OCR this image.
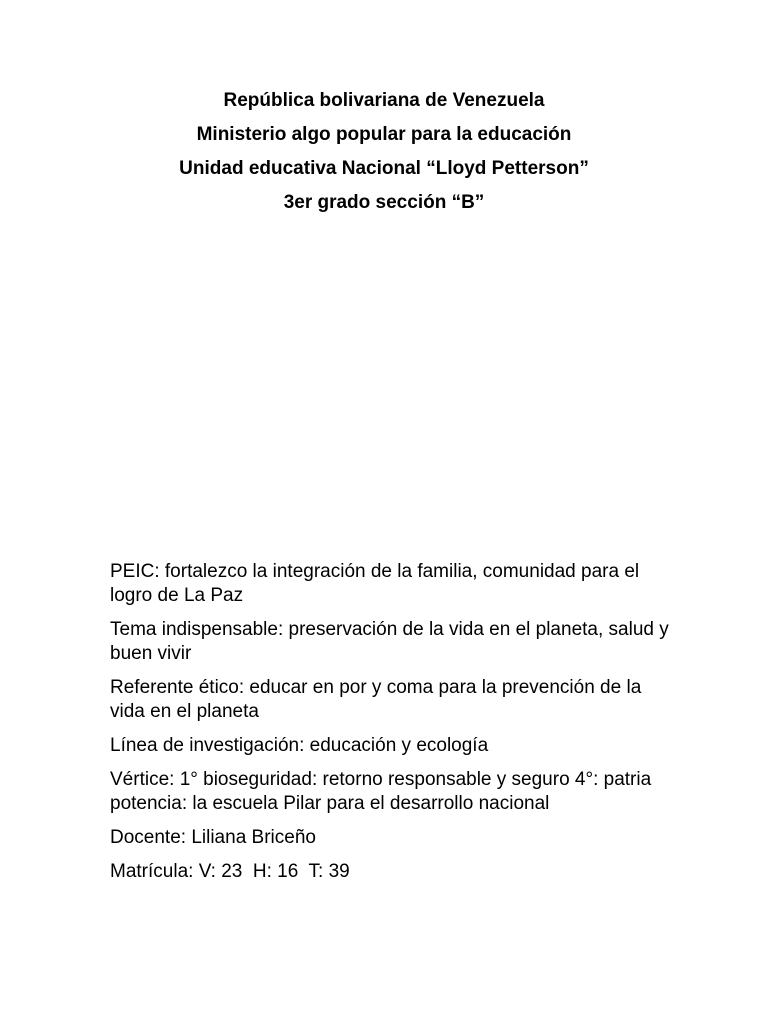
República bolivariana de Venezuela
Ministerio algo popular para la educación
Unidad educativa Nacional “Lloyd Petterson”
3er grado sección “B”
PEIC: fortalezco la integración de la familia, comunidad para el logro de La Paz
Tema indispensable: preservación de la vida en el planeta, salud y buen vivir
Referente ético: educar en por y coma para la prevención de la vida en el planeta
Línea de investigación: educación y ecología
Vértice: 1° bioseguridad: retorno responsable y seguro 4°: patria potencia: la escuela Pilar para el desarrollo nacional
Docente: Liliana Briceño
Matrícula: V: 23  H: 16  T: 39
